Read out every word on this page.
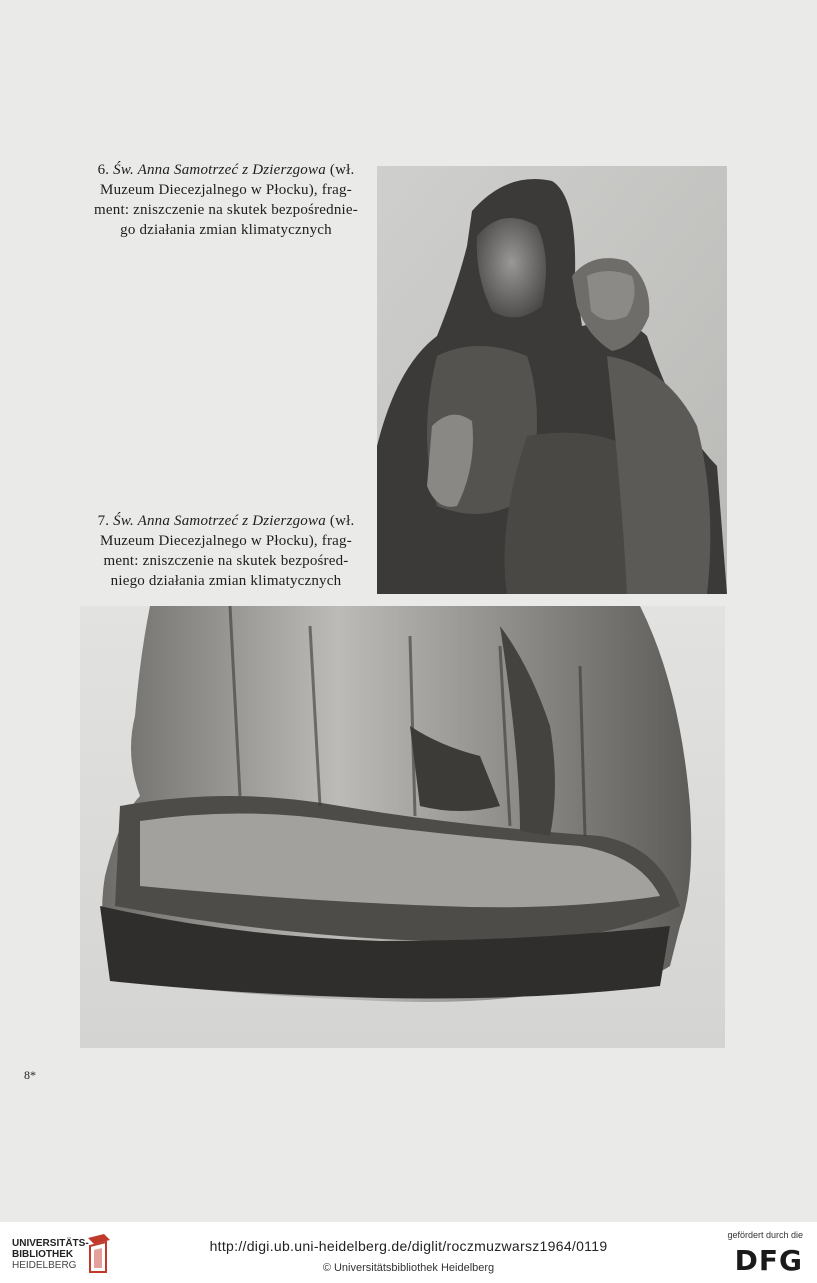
6. Św. Anna Samotrzeć z Dzierzgowa (wł.
Muzeum Diecezjalnego w Płocku), frag-
ment: zniszczenie na skutek bezpośrednie-
go działania zmian klimatycznych
7. Św. Anna Samotrzeć z Dzierzgowa (wł.
Muzeum Diecezjalnego w Płocku), frag-
ment: zniszczenie na skutek bezpośred-
niego działania zmian klimatycznych
8*
UNIVERSITÄTS-
BIBLIOTHEK
HEIDELBERG
http://digi.ub.uni-heidelberg.de/diglit/roczmuzwarsz1964/0119
© Universitätsbibliothek Heidelberg
gefördert durch die
DFG
